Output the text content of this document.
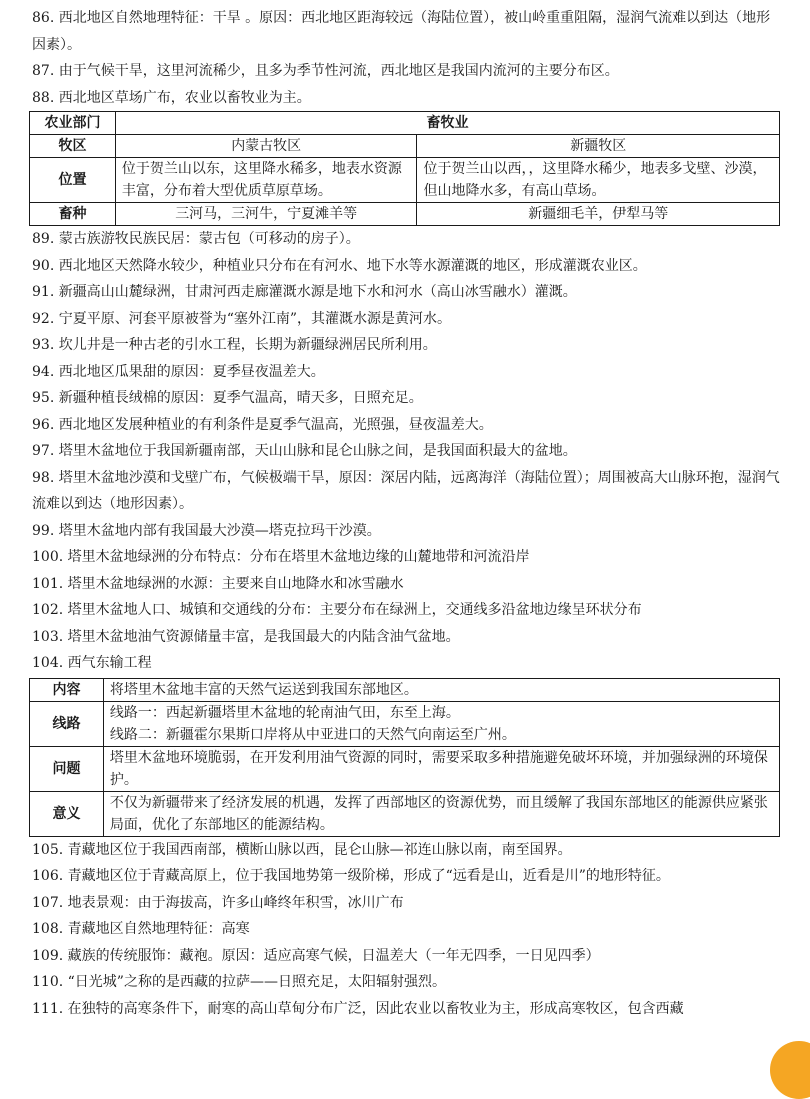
86. 西北地区自然地理特征：干旱 。原因：西北地区距海较远（海陆位置），被山岭重重阻隔，湿润气流难以到达（地形因素）。
87. 由于气候干旱，这里河流稀少，且多为季节性河流，西北地区是我国内流河的主要分布区。
88. 西北地区草场广布，农业以畜牧业为主。
农业部门	畜牧业	
牧区	内蒙古牧区	新疆牧区
位置	位于贺兰山以东，这里降水稀多，地表水资源丰富，分布着大型优质草原草场。	位于贺兰山以西，，这里降水稀少，地表多戈壁、沙漠，但山地降水多，有高山草场。
畜种	三河马，三河牛，宁夏滩羊等	新疆细毛羊，伊犁马等
89. 蒙古族游牧民族民居：蒙古包（可移动的房子）。
90. 西北地区天然降水较少，种植业只分布在有河水、地下水等水源灌溉的地区，形成灌溉农业区。
91. 新疆高山山麓绿洲，甘肃河西走廊灌溉水源是地下水和河水（高山冰雪融水）灌溉。
92. 宁夏平原、河套平原被誉为“塞外江南”，其灌溉水源是黄河水。
93. 坎儿井是一种古老的引水工程，长期为新疆绿洲居民所利用。
94. 西北地区瓜果甜的原因：夏季昼夜温差大。
95. 新疆种植長绒棉的原因：夏季气温高，晴天多，日照充足。
96. 西北地区发展种植业的有利条件是夏季气温高，光照强，昼夜温差大。
97. 塔里木盆地位于我国新疆南部，天山山脉和昆仑山脉之间，是我国面积最大的盆地。
98. 塔里木盆地沙漠和戈壁广布，气候极端干旱，原因：深居内陆，远离海洋（海陆位置）；周围被高大山脉环抱，湿润气流难以到达（地形因素）。
99. 塔里木盆地内部有我国最大沙漠—塔克拉玛干沙漠。
100. 塔里木盆地绿洲的分布特点：分布在塔里木盆地边缘的山麓地带和河流沿岸
101. 塔里木盆地绿洲的水源：主要来自山地降水和冰雪融水
102. 塔里木盆地人口、城镇和交通线的分布：主要分布在绿洲上，交通线多沿盆地边缘呈环状分布
103. 塔里木盆地油气资源储量丰富，是我国最大的内陆含油气盆地。
104. 西气东输工程
内容	将塔里木盆地丰富的天然气运送到我国东部地区。
线路	线路一：西起新疆塔里木盆地的轮南油气田，东至上海。
线路二：新疆霍尔果斯口岸将从中亚进口的天然气向南运至广州。

问题	塔里木盆地环境脆弱，在开发利用油气资源的同时，需要采取多种措施避免破坏环境，并加强绿洲的环境保护。
意义	不仅为新疆带来了经济发展的机遇，发挥了西部地区的资源优势，而且缓解了我国东部地区的能源供应紧张局面，优化了东部地区的能源结构。
105. 青藏地区位于我国西南部，横断山脉以西，昆仑山脉—祁连山脉以南，南至国界。
106. 青藏地区位于青藏高原上，位于我国地势第一级阶梯，形成了“远看是山，近看是川”的地形特征。
107. 地表景观：由于海拔高，许多山峰终年积雪，冰川广布
108. 青藏地区自然地理特征：高寒
109. 藏族的传统服饰：藏袍。原因：适应高寒气候，日温差大（一年无四季，一日见四季）
110. “日光城”之称的是西藏的拉萨——日照充足，太阳辐射强烈。
111. 在独特的高寒条件下，耐寒的高山草甸分布广泛，因此农业以畜牧业为主，形成高寒牧区，包含西藏
